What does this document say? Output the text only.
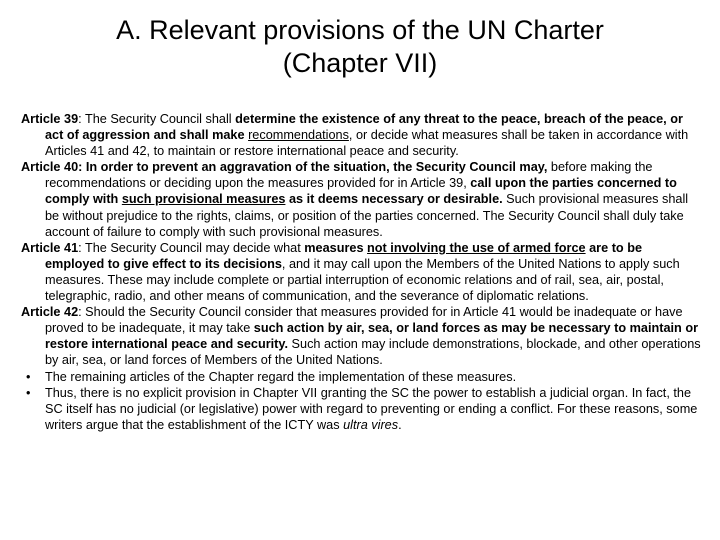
A. Relevant provisions of the UN Charter
(Chapter VII)

Article 39: The Security Council shall determine the existence of any threat to the peace, breach of the peace, or act of aggression and shall make recommendations, or decide what measures shall be taken in accordance with Articles 41 and 42, to maintain or restore international peace and security.

Article 40: In order to prevent an aggravation of the situation, the Security Council may, before making the recommendations or deciding upon the measures provided for in Article 39, call upon the parties concerned to comply with such provisional measures as it deems necessary or desirable. Such provisional measures shall be without prejudice to the rights, claims, or position of the parties concerned. The Security Council shall duly take account of failure to comply with such provisional measures.

Article 41: The Security Council may decide what measures not involving the use of armed force are to be employed to give effect to its decisions, and it may call upon the Members of the United Nations to apply such measures. These may include complete or partial interruption of economic relations and of rail, sea, air, postal, telegraphic, radio, and other means of communication, and the severance of diplomatic relations.

Article 42: Should the Security Council consider that measures provided for in Article 41 would be inadequate or have proved to be inadequate, it may take such action by air, sea, or land forces as may be necessary to maintain or restore international peace and security. Such action may include demonstrations, blockade, and other operations by air, sea, or land forces of Members of the United Nations.

• The remaining articles of the Chapter regard the implementation of these measures.

• Thus, there is no explicit provision in Chapter VII granting the SC the power to establish a judicial organ. In fact, the SC itself has no judicial (or legislative) power with regard to preventing or ending a conflict. For these reasons, some writers argue that the establishment of the ICTY was ultra vires.
